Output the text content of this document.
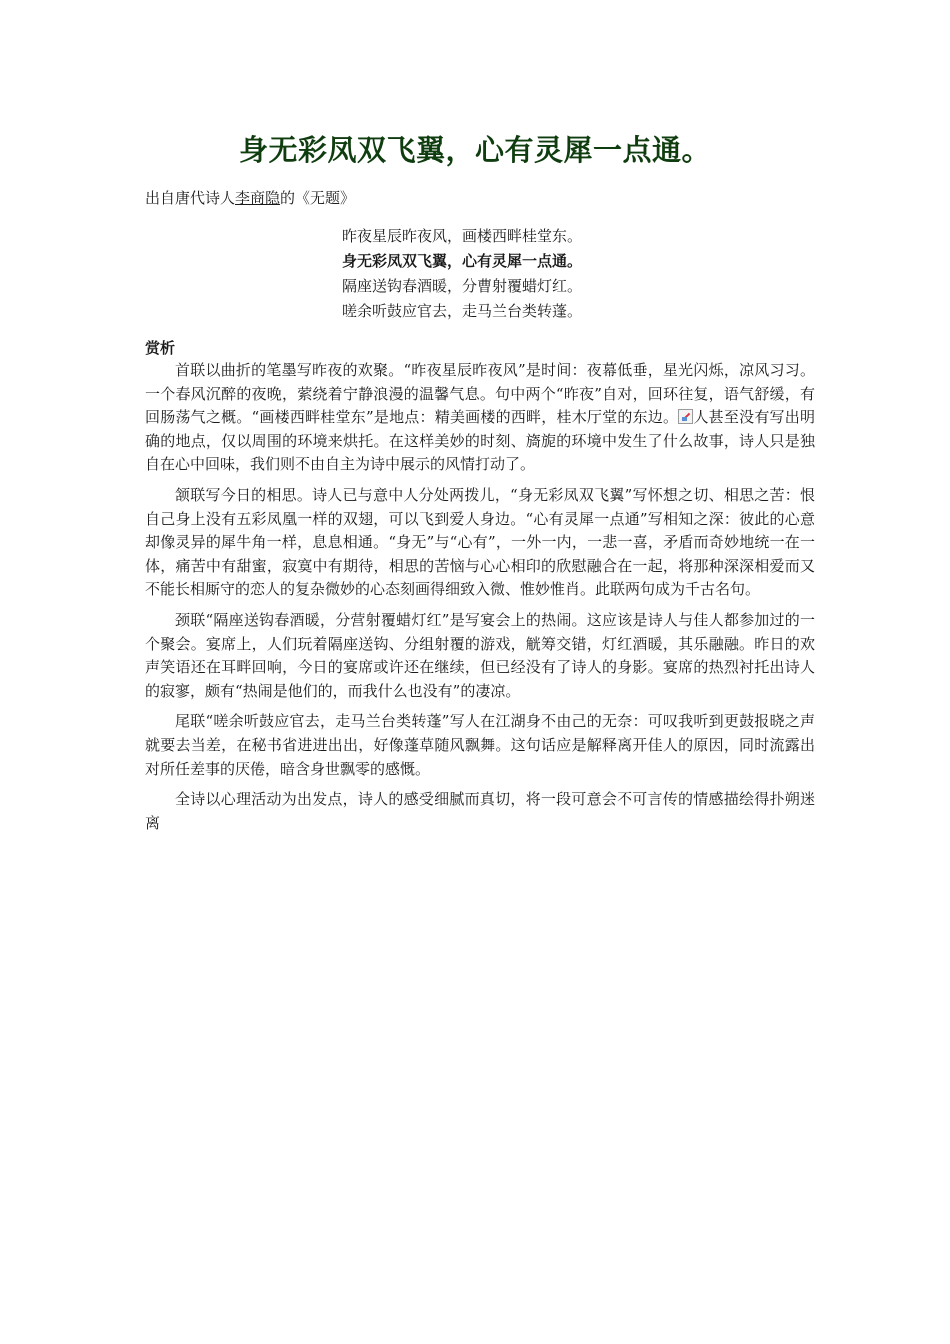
身无彩凤双飞翼，心有灵犀一点通。
出自唐代诗人李商隐的《无题》
昨夜星辰昨夜风，画楼西畔桂堂东。
身无彩凤双飞翼，心有灵犀一点通。
隔座送钩春酒暖，分曹射覆蜡灯红。
嗟余听鼓应官去，走马兰台类转蓬。
赏析

首联以曲折的笔墨写昨夜的欢聚。“昨夜星辰昨夜风”是时间：夜幕低垂，星光闪烁，凉风习习。一个春风沉醉的夜晚，萦绕着宁静浪漫的温馨气息。句中两个“昨夜”自对，回环往复，语气舒缓，有回肠荡气之概。“画楼西畔桂堂东”是地点：精美画楼的西畔，桂木厅堂的东边。 人甚至没有写出明确的地点，仅以周围的环境来烘托。在这样美妙的时刻、旖旎的环境中发生了什么故事，诗人只是独自在心中回味，我们则不由自主为诗中展示的风情打动了。

颔联写今日的相思。诗人已与意中人分处两拨儿，“身无彩凤双飞翼”写怀想之切、相思之苦：恨自己身上没有五彩凤凰一样的双翅，可以飞到爱人身边。“心有灵犀一点通”写相知之深：彼此的心意却像灵异的犀牛角一样，息息相通。“身无”与“心有”，一外一内，一悲一喜，矛盾而奇妙地统一在一体，痛苦中有甜蜜，寂寞中有期待，相思的苦恼与心心相印的欣慰融合在一起，将那种深深相爱而又不能长相厮守的恋人的复杂微妙的心态刻画得细致入微、惟妙惟肖。此联两句成为千古名句。

颈联“隔座送钩春酒暖，分营射覆蜡灯红”是写宴会上的热闹。这应该是诗人与佳人都参加过的一个聚会。宴席上，人们玩着隔座送钩、分组射覆的游戏，觥筹交错，灯红酒暖，其乐融融。昨日的欢声笑语还在耳畔回响，今日的宴席或许还在继续，但已经没有了诗人的身影。宴席的热烈衬托出诗人的寂寥，颇有“热闹是他们的，而我什么也没有”的凄凉。

尾联“嗟余听鼓应官去，走马兰台类转蓬”写人在江湖身不由己的无奈：可叹我听到更鼓报晓之声就要去当差，在秘书省进进出出，好像蓬草随风飘舞。这句话应是解释离开佳人的原因，同时流露出对所任差事的厌倦，暗含身世飘零的感慨。

全诗以心理活动为出发点，诗人的感受细腻而真切，将一段可意会不可言传的情感描绘得扑朔迷离
